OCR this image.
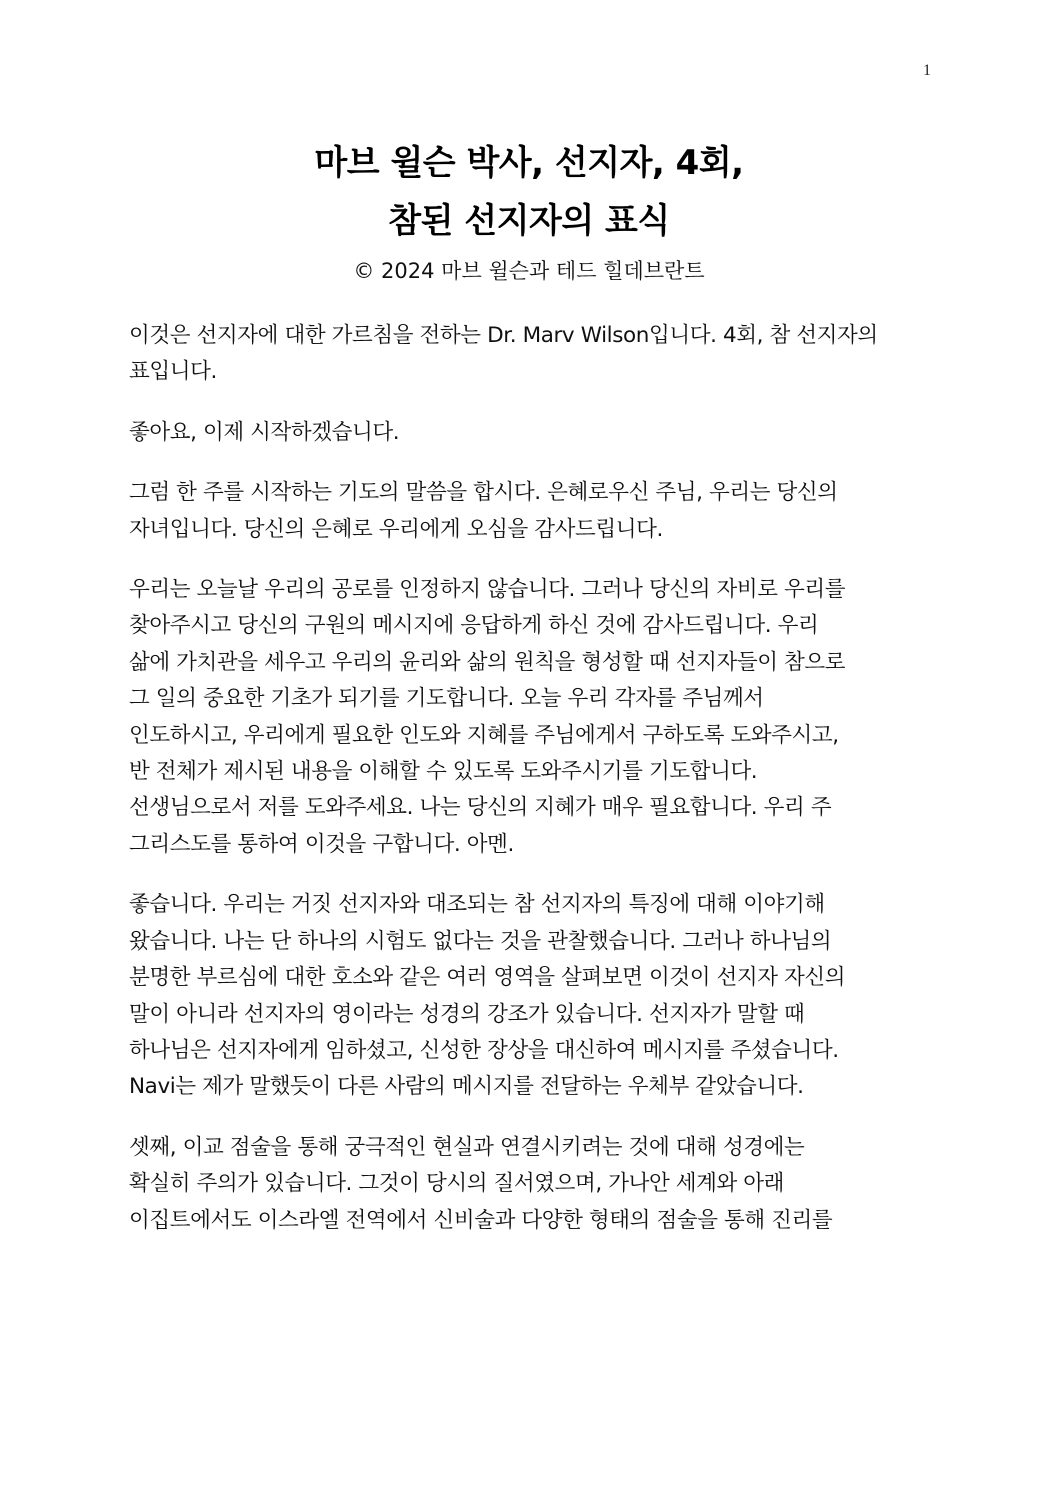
1
마브 윌슨 박사, 선지자, 4회,
참된 선지자의 표식
© 2024 마브 윌슨과 테드 힐데브란트
이것은 선지자에 대한 가르침을 전하는 Dr. Marv Wilson입니다. 4회, 참 선지자의
표입니다.
좋아요, 이제 시작하겠습니다.
그럼 한 주를 시작하는 기도의 말씀을 합시다. 은혜로우신 주님, 우리는 당신의
자녀입니다. 당신의 은혜로 우리에게 오심을 감사드립니다.
우리는 오늘날 우리의 공로를 인정하지 않습니다. 그러나 당신의 자비로 우리를
찾아주시고 당신의 구원의 메시지에 응답하게 하신 것에 감사드립니다. 우리
삶에 가치관을 세우고 우리의 윤리와 삶의 원칙을 형성할 때 선지자들이 참으로
그 일의 중요한 기초가 되기를 기도합니다. 오늘 우리 각자를 주님께서
인도하시고, 우리에게 필요한 인도와 지혜를 주님에게서 구하도록 도와주시고,
반 전체가 제시된 내용을 이해할 수 있도록 도와주시기를 기도합니다.
선생님으로서 저를 도와주세요. 나는 당신의 지혜가 매우 필요합니다. 우리 주
그리스도를 통하여 이것을 구합니다. 아멘.
좋습니다. 우리는 거짓 선지자와 대조되는 참 선지자의 특징에 대해 이야기해
왔습니다. 나는 단 하나의 시험도 없다는 것을 관찰했습니다. 그러나 하나님의
분명한 부르심에 대한 호소와 같은 여러 영역을 살펴보면 이것이 선지자 자신의
말이 아니라 선지자의 영이라는 성경의 강조가 있습니다. 선지자가 말할 때
하나님은 선지자에게 임하셨고, 신성한 장상을 대신하여 메시지를 주셨습니다.
Navi는 제가 말했듯이 다른 사람의 메시지를 전달하는 우체부 같았습니다.
셋째, 이교 점술을 통해 궁극적인 현실과 연결시키려는 것에 대해 성경에는
확실히 주의가 있습니다. 그것이 당시의 질서였으며, 가나안 세계와 아래
이집트에서도 이스라엘 전역에서 신비술과 다양한 형태의 점술을 통해 진리를
